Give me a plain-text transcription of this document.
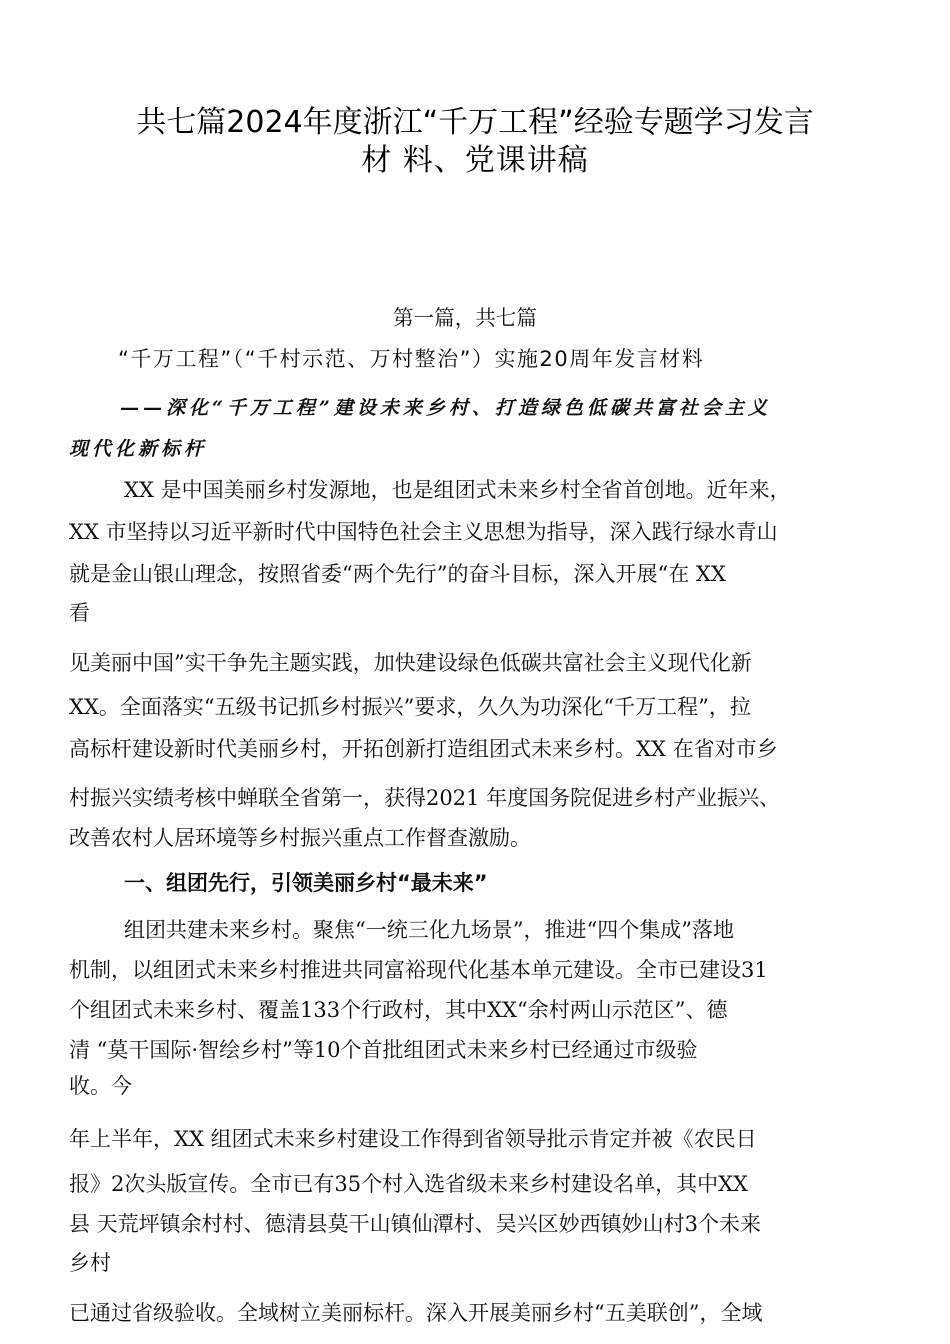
共七篇2024年度浙江“千万工程”经验专题学习发言
材 料、党课讲稿
第一篇，共七篇
“千万工程”（“千村示范、万村整治”）实施20周年发言材料
——深化“千万工程”建设未来乡村、打造绿色低碳共富社会主义
现代化新标杆
XX 是中国美丽乡村发源地，也是组团式未来乡村全省首创地。近年来，
XX 市坚持以习近平新时代中国特色社会主义思想为指导，深入践行绿水青山
就是金山银山理念，按照省委“两个先行”的奋斗目标，深入开展“在 XX
看
见美丽中国”实干争先主题实践，加快建设绿色低碳共富社会主义现代化新
XX。全面落实“五级书记抓乡村振兴”要求，久久为功深化“千万工程”，拉
高标杆建设新时代美丽乡村，开拓创新打造组团式未来乡村。XX 在省对市乡
村振兴实绩考核中蝉联全省第一，获得2021 年度国务院促进乡村产业振兴、
改善农村人居环境等乡村振兴重点工作督查激励。
一、组团先行，引领美丽乡村“最未来”
组团共建未来乡村。聚焦“一统三化九场景”，推进“四个集成”落地
机制，以组团式未来乡村推进共同富裕现代化基本单元建设。全市已建设31
个组团式未来乡村、覆盖133个行政村，其中XX“余村两山示范区”、德
清 “莫干国际·智绘乡村”等10个首批组团式未来乡村已经通过市级验
收。今
年上半年，XX 组团式未来乡村建设工作得到省领导批示肯定并被《农民日
报》2次头版宣传。全市已有35个村入选省级未来乡村建设名单，其中XX
县 天荒坪镇余村村、德清县莫干山镇仙潭村、吴兴区妙西镇妙山村3个未来
乡村
已通过省级验收。全域树立美丽标杆。深入开展美丽乡村“五美联创”，全域
